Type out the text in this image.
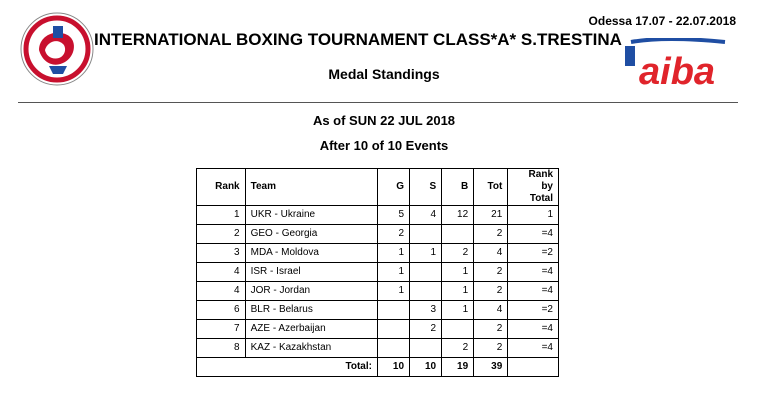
Odessa 17.07 - 22.07.2018
INTERNATIONAL BOXING TOURNAMENT CLASS*A* S.TRESTINA
aiba
Medal Standings
As of SUN 22 JUL 2018
After 10 of 10 Events
Rank	Team	G	S	B	Tot	Rank
by
Total
1	UKR - Ukraine	5	4	12	21	1
2	GEO - Georgia	2			2	=4
3	MDA - Moldova	1	1	2	4	=2
4	ISR - Israel	1		1	2	=4
4	JOR - Jordan	1		1	2	=4
6	BLR - Belarus		3	1	4	=2
7	AZE - Azerbaijan		2		2	=4
8	KAZ - Kazakhstan			2	2	=4
Total:		10	10	19	39	
